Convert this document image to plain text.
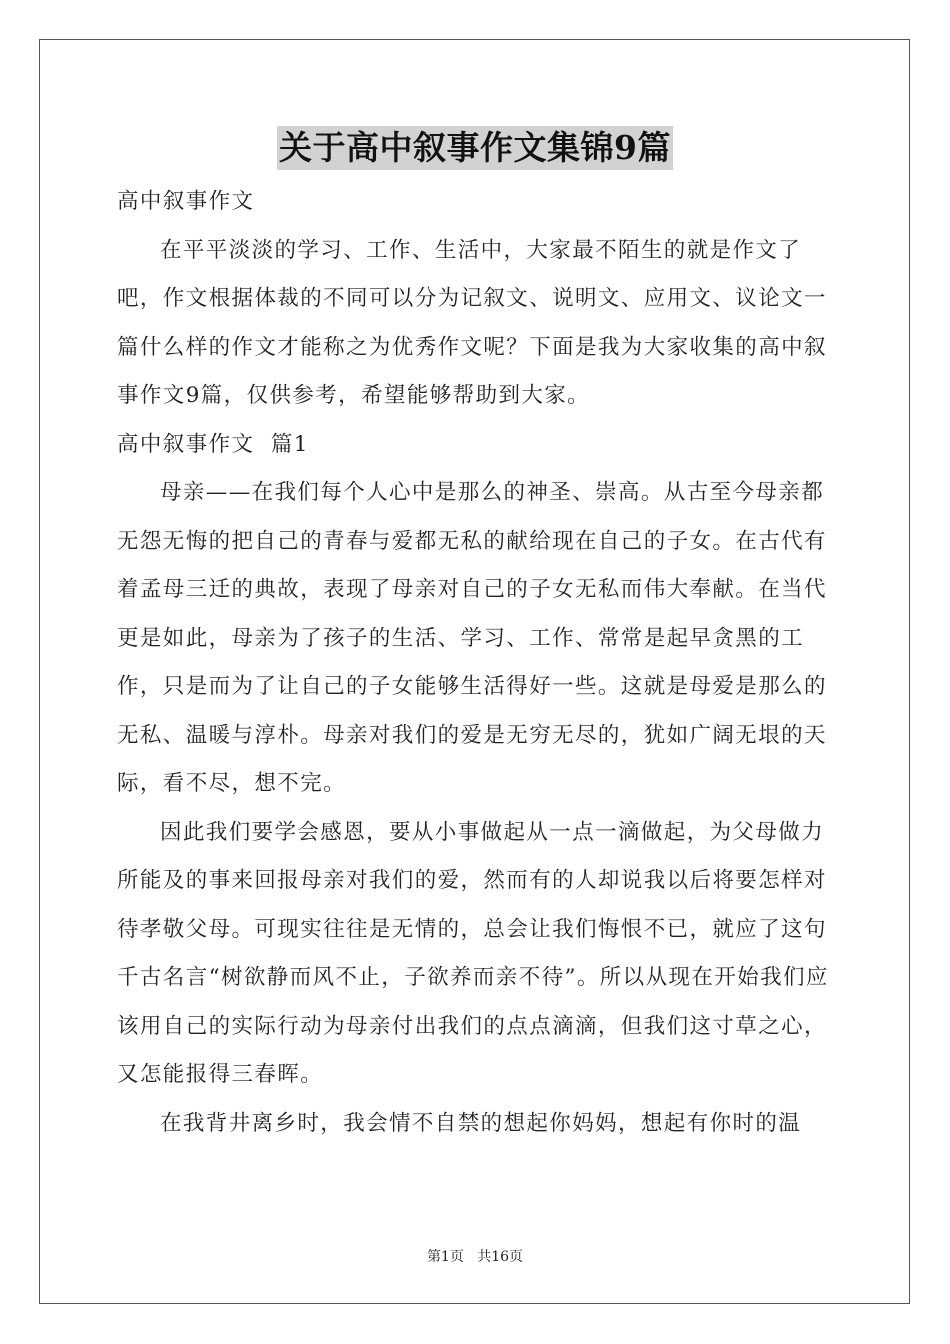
关于高中叙事作文集锦9篇

高中叙事作文

在平平淡淡的学习、工作、生活中，大家最不陌生的就是作文了吧，作文根据体裁的不同可以分为记叙文、说明文、应用文、议论文一篇什么样的作文才能称之为优秀作文呢？下面是我为大家收集的高中叙事作文9篇，仅供参考，希望能够帮助到大家。

高中叙事作文  篇1

母亲——在我们每个人心中是那么的神圣、崇高。从古至今母亲都无怨无悔的把自己的青春与爱都无私的献给现在自己的子女。在古代有着孟母三迁的典故，表现了母亲对自己的子女无私而伟大奉献。在当代更是如此，母亲为了孩子的生活、学习、工作、常常是起早贪黑的工作，只是而为了让自己的子女能够生活得好一些。这就是母爱是那么的无私、温暖与淳朴。母亲对我们的爱是无穷无尽的，犹如广阔无垠的天际，看不尽，想不完。

因此我们要学会感恩，要从小事做起从一点一滴做起，为父母做力所能及的事来回报母亲对我们的爱，然而有的人却说我以后将要怎样对待孝敬父母。可现实往往是无情的，总会让我们悔恨不已，就应了这句千古名言“树欲静而风不止，子欲养而亲不待”。所以从现在开始我们应该用自己的实际行动为母亲付出我们的点点滴滴，但我们这寸草之心，又怎能报得三春晖。

在我背井离乡时，我会情不自禁的想起你妈妈，想起有你时的温

第1页 共16页
